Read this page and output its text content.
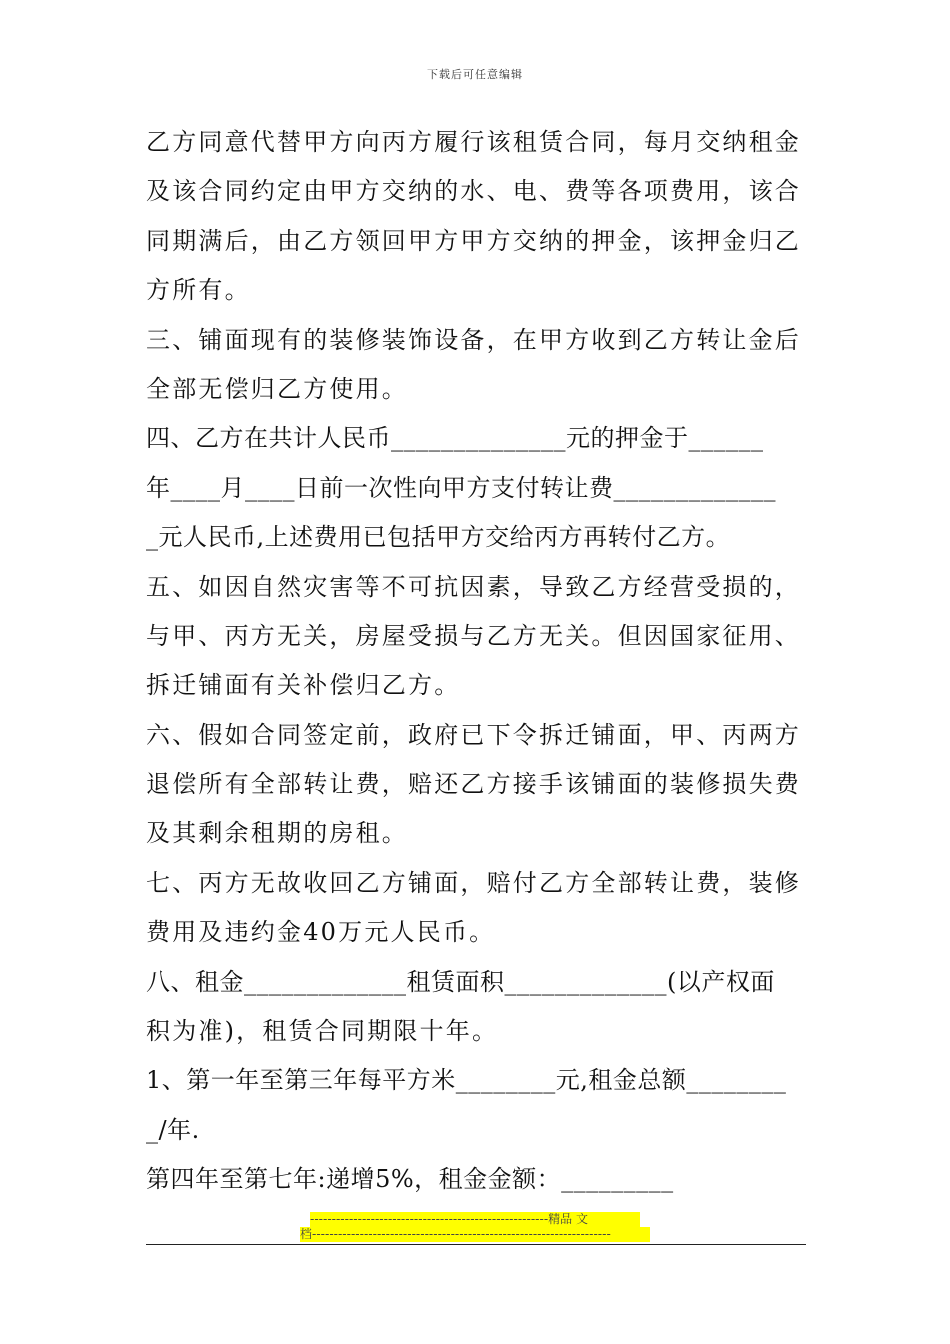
下载后可任意编辑
乙方同意代替甲方向丙方履行该租赁合同，每月交纳租金
及该合同约定由甲方交纳的水、电、费等各项费用，该合
同期满后，由乙方领回甲方甲方交纳的押金，该押金归乙
方所有。
三、铺面现有的装修装饰设备，在甲方收到乙方转让金后
全部无偿归乙方使用。
四、乙方在共计人民币______________元的押金于______
年____月____日前一次性向甲方支付转让费_____________
_元人民币,上述费用已包括甲方交给丙方再转付乙方。
五、如因自然灾害等不可抗因素，导致乙方经营受损的，
与甲、丙方无关，房屋受损与乙方无关。但因国家征用、
拆迁铺面有关补偿归乙方。
六、假如合同签定前，政府已下令拆迁铺面，甲、丙两方
退偿所有全部转让费，赔还乙方接手该铺面的装修损失费
及其剩余租期的房租。
七、丙方无故收回乙方铺面，赔付乙方全部转让费，装修
费用及违约金40万元人民币。
八、租金_____________租赁面积_____________(以产权面
积为准)，租赁合同期限十年。
1、第一年至第三年每平方米________元,租金总额________
_/年.
第四年至第七年:递增5%，租金金额：_________
-------------------------------------------------------精品 文
档---------------------------------------------------------------------
